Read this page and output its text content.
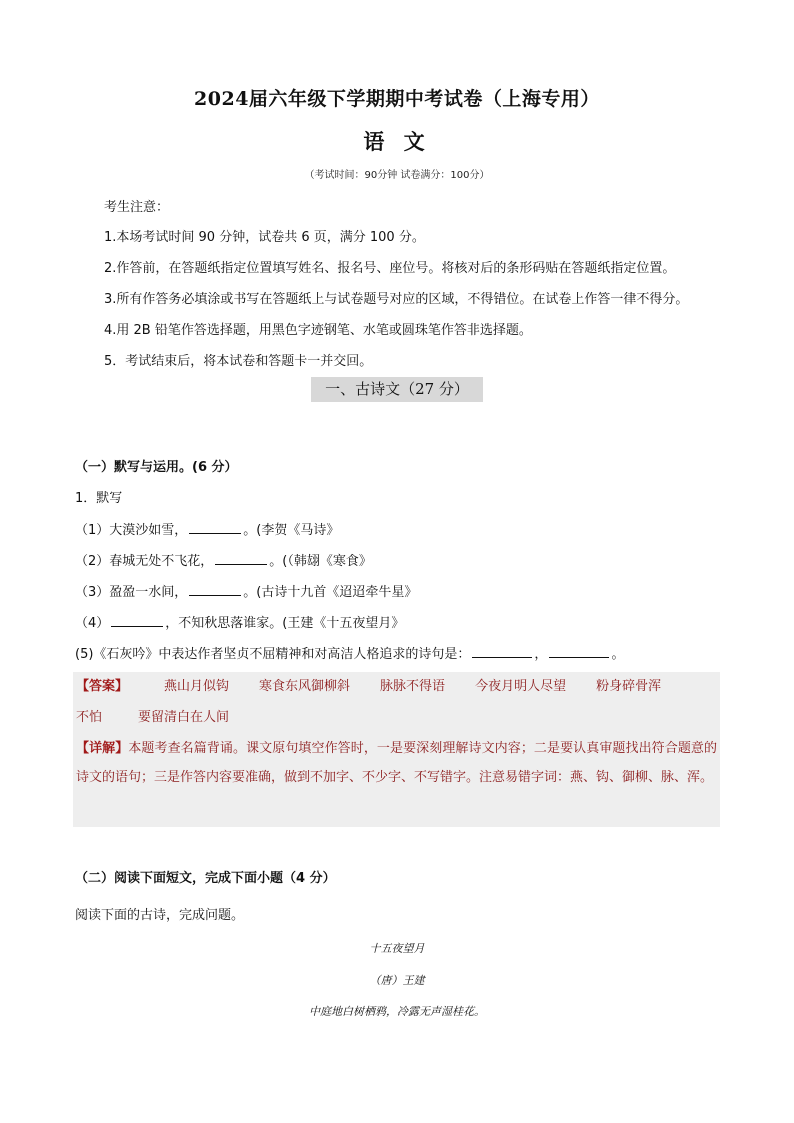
2024届六年级下学期期中考试卷（上海专用）
语 文
（考试时间：90分钟 试卷满分：100分）
考生注意：
1.本场考试时间 90 分钟，试卷共 6 页，满分 100 分。
2.作答前，在答题纸指定位置填写姓名、报名号、座位号。将核对后的条形码贴在答题纸指定位置。
3.所有作答务必填涂或书写在答题纸上与试卷题号对应的区域，不得错位。在试卷上作答一律不得分。
4.用 2B 铅笔作答选择题，用黑色字迹钢笔、水笔或圆珠笔作答非选择题。
5．考试结束后，将本试卷和答题卡一并交回。
一、古诗文（27 分）
（一）默写与运用。(6 分）
1．默写
（1）大漠沙如雪，	。(李贺《马诗》
（2）春城无处不飞花，	。(（韩翃《寒食》
（3）盈盈一水间，	。(古诗十九首《迢迢牵牛星》
（4）	，不知秋思落谁家。(王建《十五夜望月》
(5)《石灰吟》中表达作者坚贞不屈精神和对高洁人格追求的诗句是：	，	。
【答案】	燕山月似钩 寒食东风御柳斜 脉脉不得语 今夜月明人尽望 粉身碎骨浑
不怕	要留清白在人间
【详解】本题考查名篇背诵。课文原句填空作答时，一是要深刻理解诗文内容；二是要认真审题找出符合题意的诗文的语句；三是作答内容要准确，做到不加字、不少字、不写错字。注意易错字词：燕、钩、御柳、脉、浑。
（二）阅读下面短文，完成下面小题（4 分）
阅读下面的古诗，完成问题。
十五夜望月
（唐）王建
中庭地白树栖鸦，冷露无声湿桂花。
